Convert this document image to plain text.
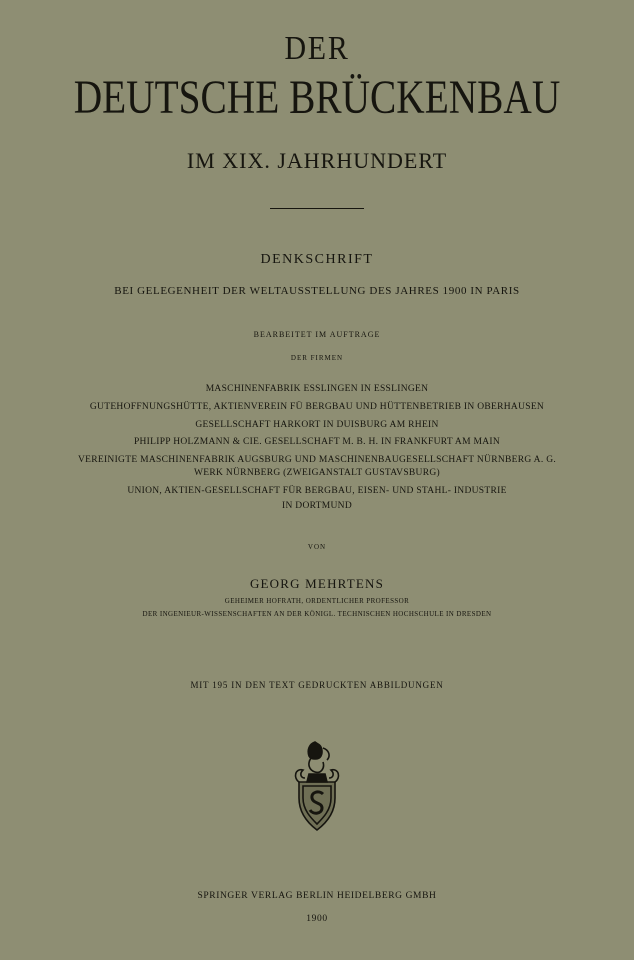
DER

DEUTSCHE BRÜCKENBAU

IM XIX. JAHRHUNDERT

DENKSCHRIFT

BEI GELEGENHEIT DER WELTAUSSTELLUNG DES JAHRES 1900 IN PARIS

BEARBEITET IM AUFTRAGE

DER FIRMEN

MASCHINENFABRIK ESSLINGEN IN ESSLINGEN

GUTEHOFFNUNGSHÜTTE, AKTIENVEREIN FÜ BERGBAU UND HÜTTENBETRIEB IN OBERHAUSEN

GESELLSCHAFT HARKORT IN DUISBURG AM RHEIN

PHILIPP HOLZMANN & CIE. GESELLSCHAFT M. B. H. IN FRANKFURT AM MAIN

VEREINIGTE MASCHINENFABRIK AUGSBURG UND MASCHINENBAUGESELLSCHAFT NÜRNBERG A. G.

WERK NÜRNBERG (ZWEIGANSTALT GUSTAVSBURG)

UNION, AKTIEN-GESELLSCHAFT FÜR BERGBAU, EISEN- UND STAHL- INDUSTRIE

IN DORTMUND

VON

GEORG MEHRTENS

GEHEIMER HOFRATH, ORDENTLICHER PROFESSOR

DER INGENIEUR-WISSENSCHAFTEN AN DER KÖNIGL. TECHNISCHEN HOCHSCHULE IN DRESDEN

MIT 195 IN DEN TEXT GEDRUCKTEN ABBILDUNGEN

SPRINGER VERLAG BERLIN HEIDELBERG GMBH

1900
